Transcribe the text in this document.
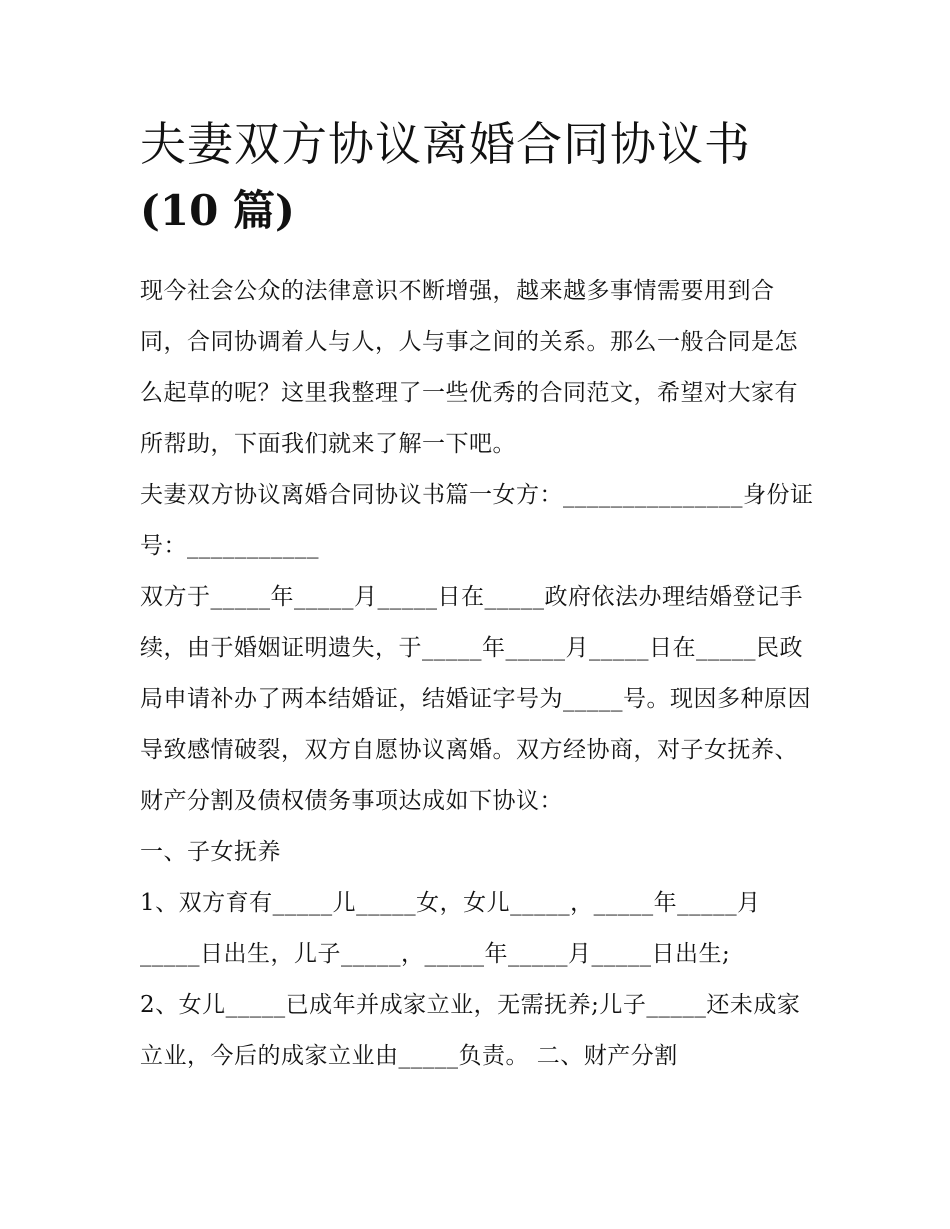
夫妻双方协议离婚合同协议书
(10 篇)

现今社会公众的法律意识不断增强，越来越多事情需要用到合同，合同协调着人与人，人与事之间的关系。那么一般合同是怎么起草的呢？这里我整理了一些优秀的合同范文，希望对大家有所帮助，下面我们就来了解一下吧。

夫妻双方协议离婚合同协议书篇一女方：_______________身份证号：___________

双方于_____年_____月_____日在_____政府依法办理结婚登记手续，由于婚姻证明遗失，于_____年_____月_____日在_____民政局申请补办了两本结婚证，结婚证字号为_____号。现因多种原因导致感情破裂，双方自愿协议离婚。双方经协商，对子女抚养、财产分割及债权债务事项达成如下协议：

一、子女抚养

1、双方育有_____儿_____女，女儿_____，_____年_____月_____日出生，儿子_____，_____年_____月_____日出生;

2、女儿_____已成年并成家立业，无需抚养;儿子_____还未成家立业，今后的成家立业由_____负责。 二、财产分割
